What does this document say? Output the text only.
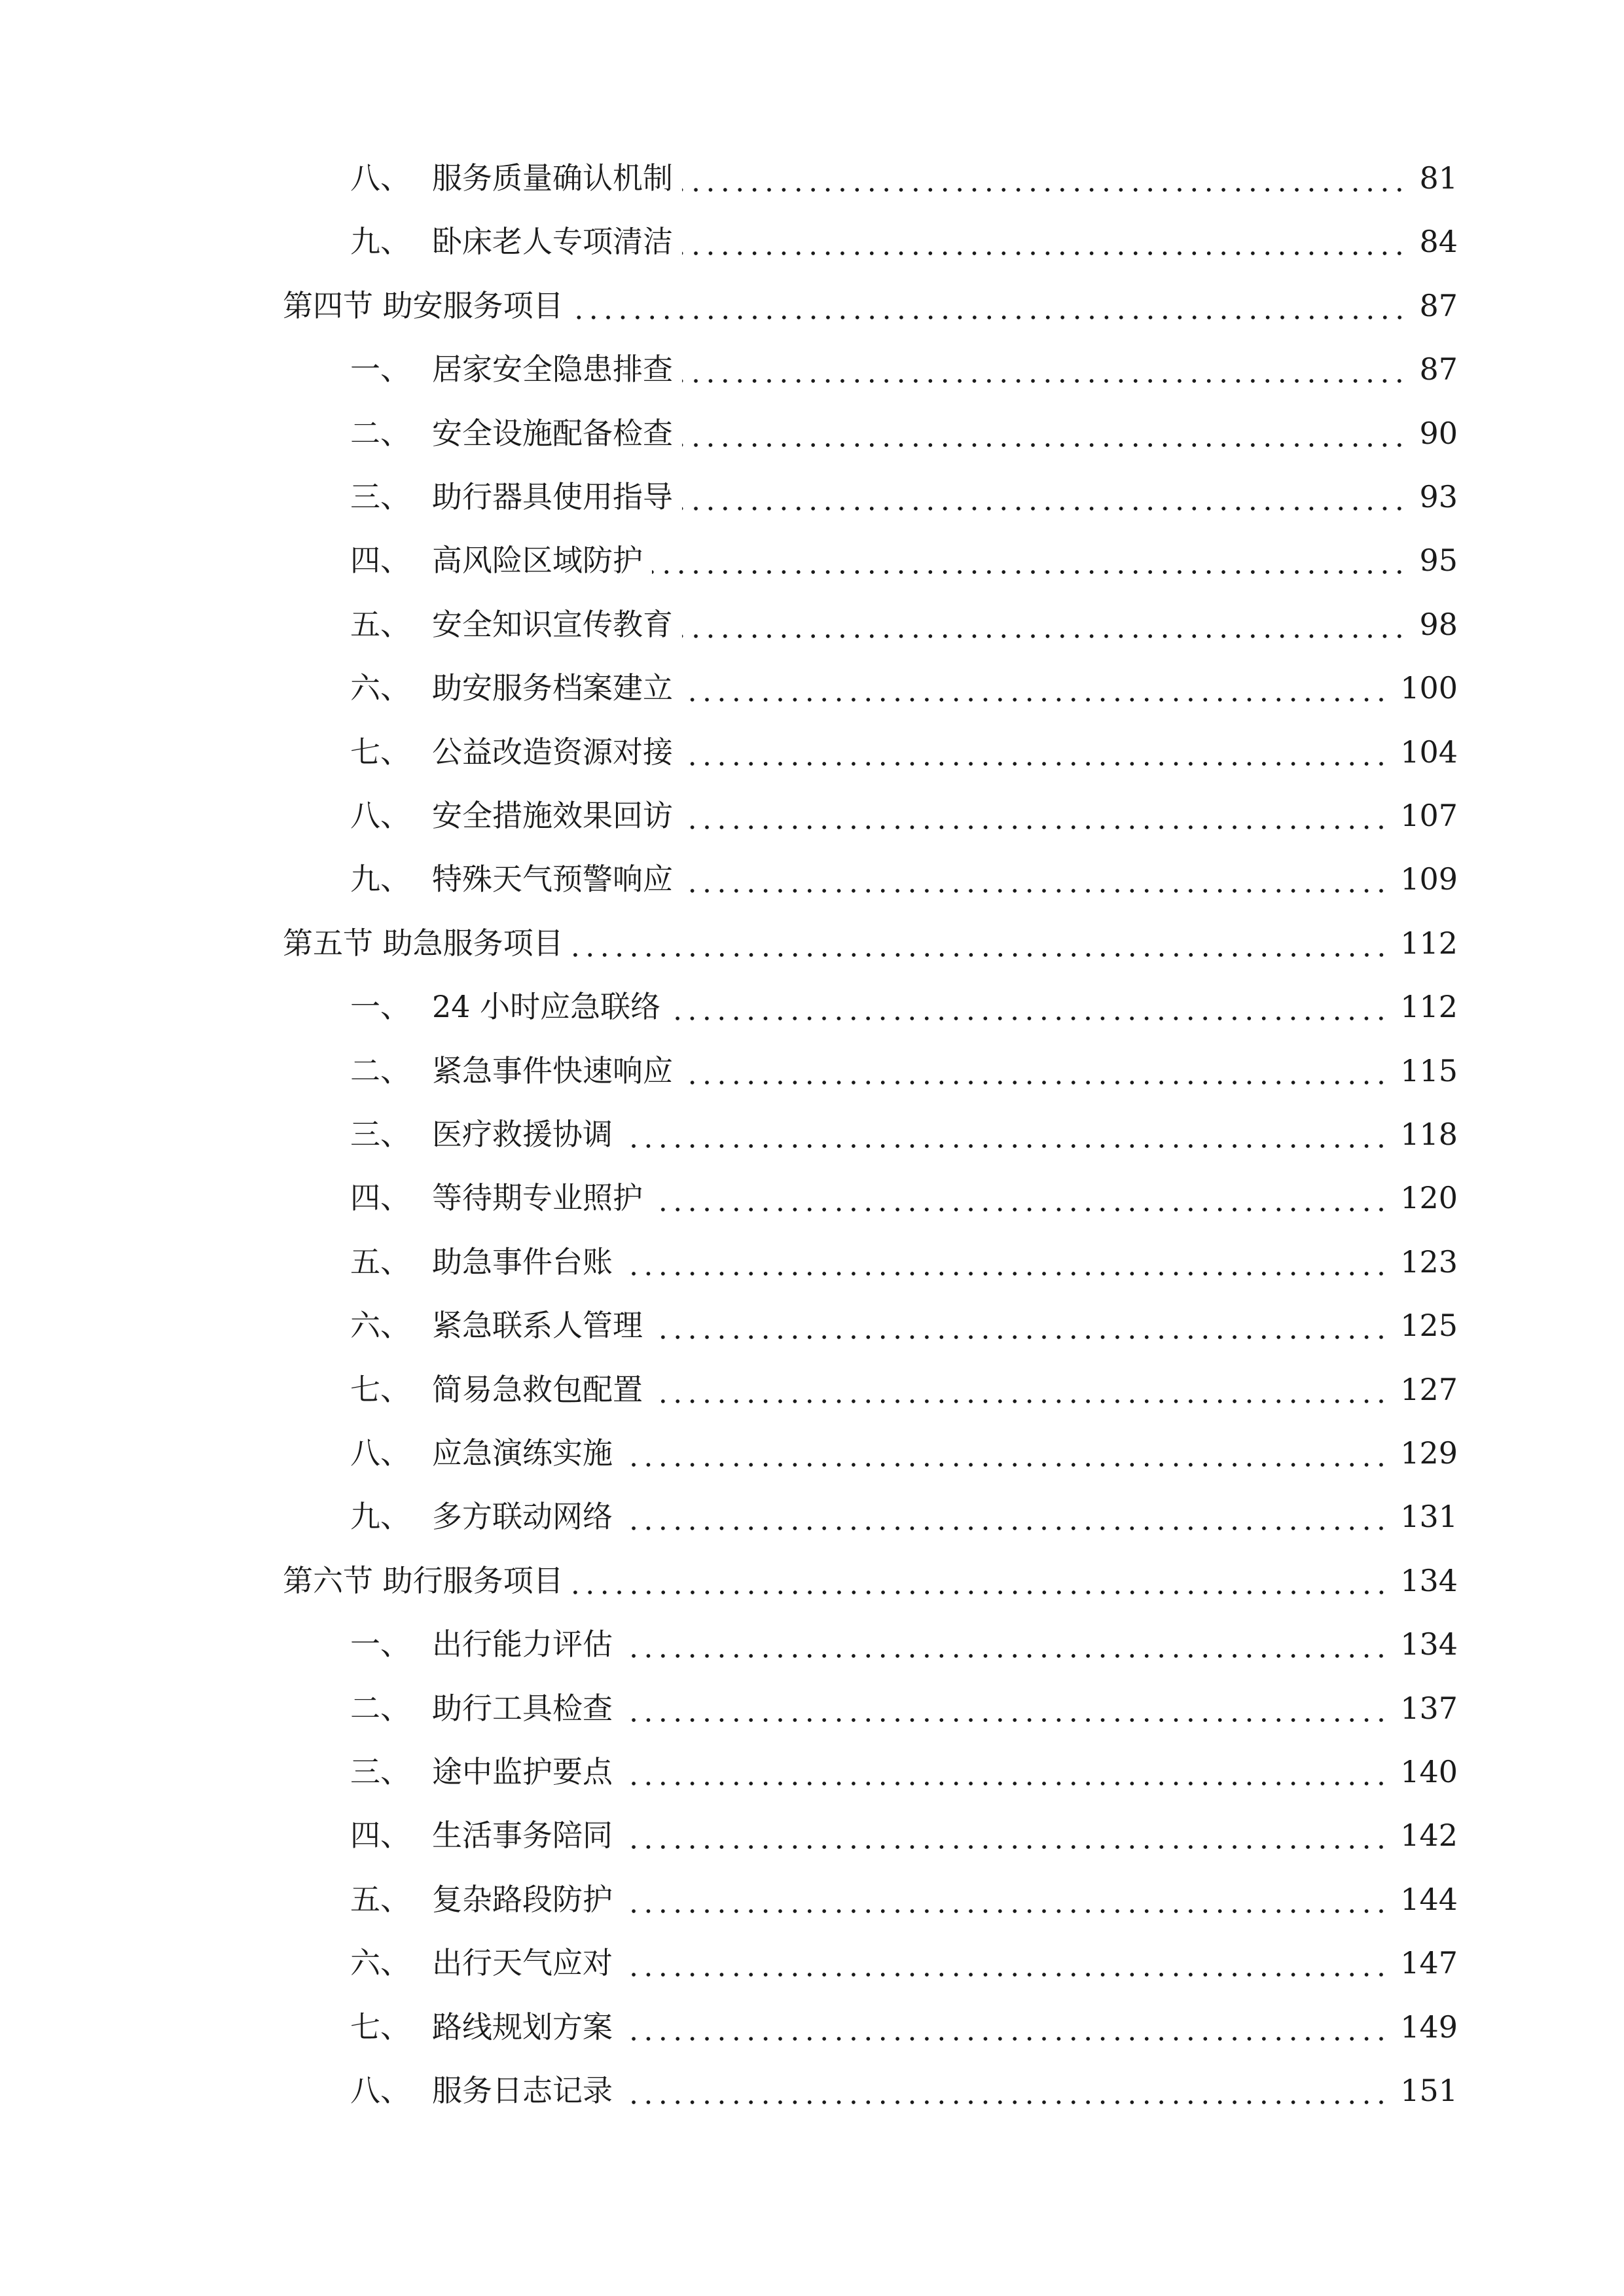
八、 服务质量确认机制	81
九、 卧床老人专项清洁	84
第四节 助安服务项目	87
一、 居家安全隐患排查	87
二、 安全设施配备检查	90
三、 助行器具使用指导	93
四、 高风险区域防护	95
五、 安全知识宣传教育	98
六、 助安服务档案建立	100
七、 公益改造资源对接	104
八、 安全措施效果回访	107
九、 特殊天气预警响应	109
第五节 助急服务项目	112
一、 24 小时应急联络	112
二、 紧急事件快速响应	115
三、 医疗救援协调	118
四、 等待期专业照护	120
五、 助急事件台账	123
六、 紧急联系人管理	125
七、 简易急救包配置	127
八、 应急演练实施	129
九、 多方联动网络	131
第六节 助行服务项目	134
一、 出行能力评估	134
二、 助行工具检查	137
三、 途中监护要点	140
四、 生活事务陪同	142
五、 复杂路段防护	144
六、 出行天气应对	147
七、 路线规划方案	149
八、 服务日志记录	151
